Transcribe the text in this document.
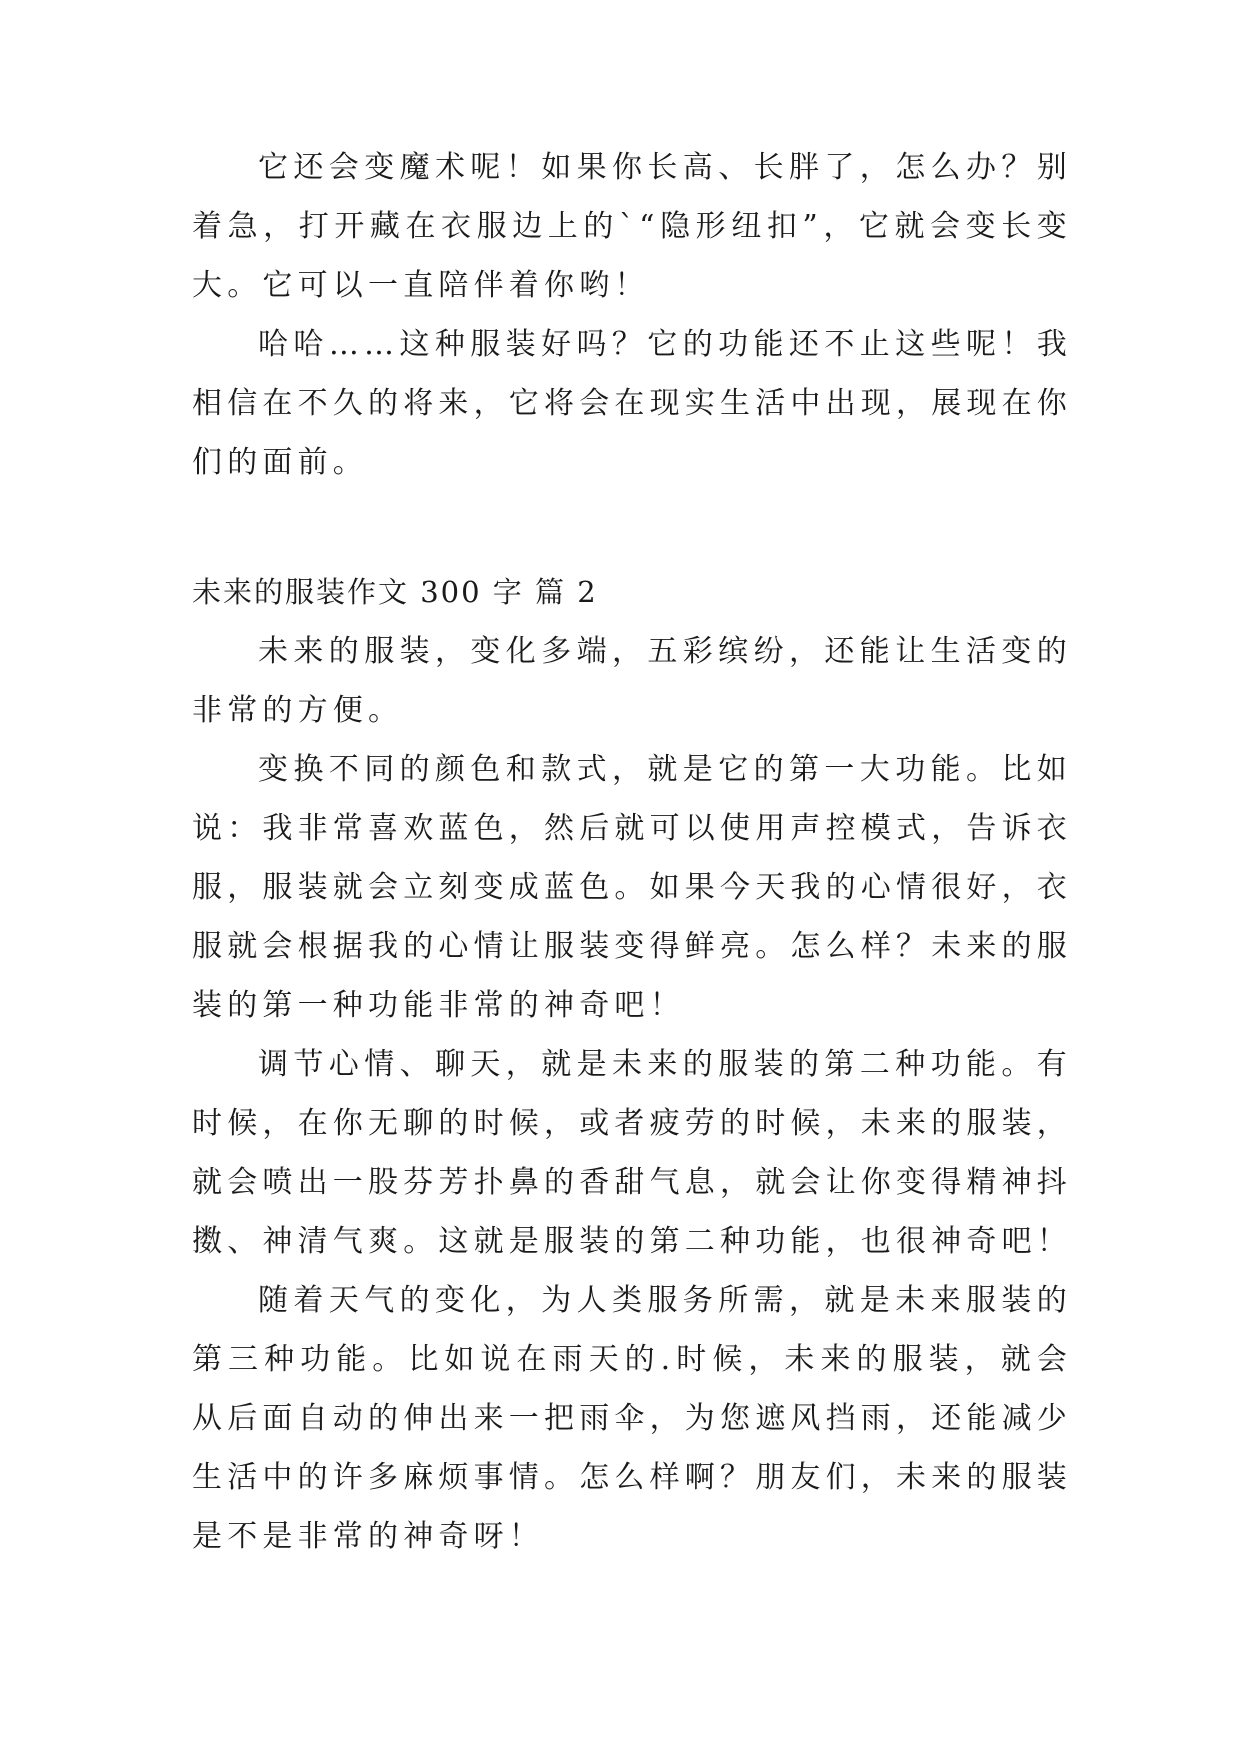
它还会变魔术呢！如果你长高、长胖了，怎么办？别着急，打开藏在衣服边上的`“隐形纽扣”，它就会变长变大。它可以一直陪伴着你哟！

哈哈……这种服装好吗？它的功能还不止这些呢！我相信在不久的将来，它将会在现实生活中出现，展现在你们的面前。

未来的服装作文 300 字 篇 2

未来的服装，变化多端，五彩缤纷，还能让生活变的非常的方便。

变换不同的颜色和款式，就是它的第一大功能。比如说：我非常喜欢蓝色，然后就可以使用声控模式，告诉衣服，服装就会立刻变成蓝色。如果今天我的心情很好，衣服就会根据我的心情让服装变得鲜亮。怎么样？未来的服装的第一种功能非常的神奇吧！

调节心情、聊天，就是未来的服装的第二种功能。有时候，在你无聊的时候，或者疲劳的时候，未来的服装，就会喷出一股芬芳扑鼻的香甜气息，就会让你变得精神抖擞、神清气爽。这就是服装的第二种功能，也很神奇吧！

随着天气的变化，为人类服务所需，就是未来服装的第三种功能。比如说在雨天的.时候，未来的服装，就会从后面自动的伸出来一把雨伞，为您遮风挡雨，还能减少生活中的许多麻烦事情。怎么样啊？朋友们，未来的服装是不是非常的神奇呀！
